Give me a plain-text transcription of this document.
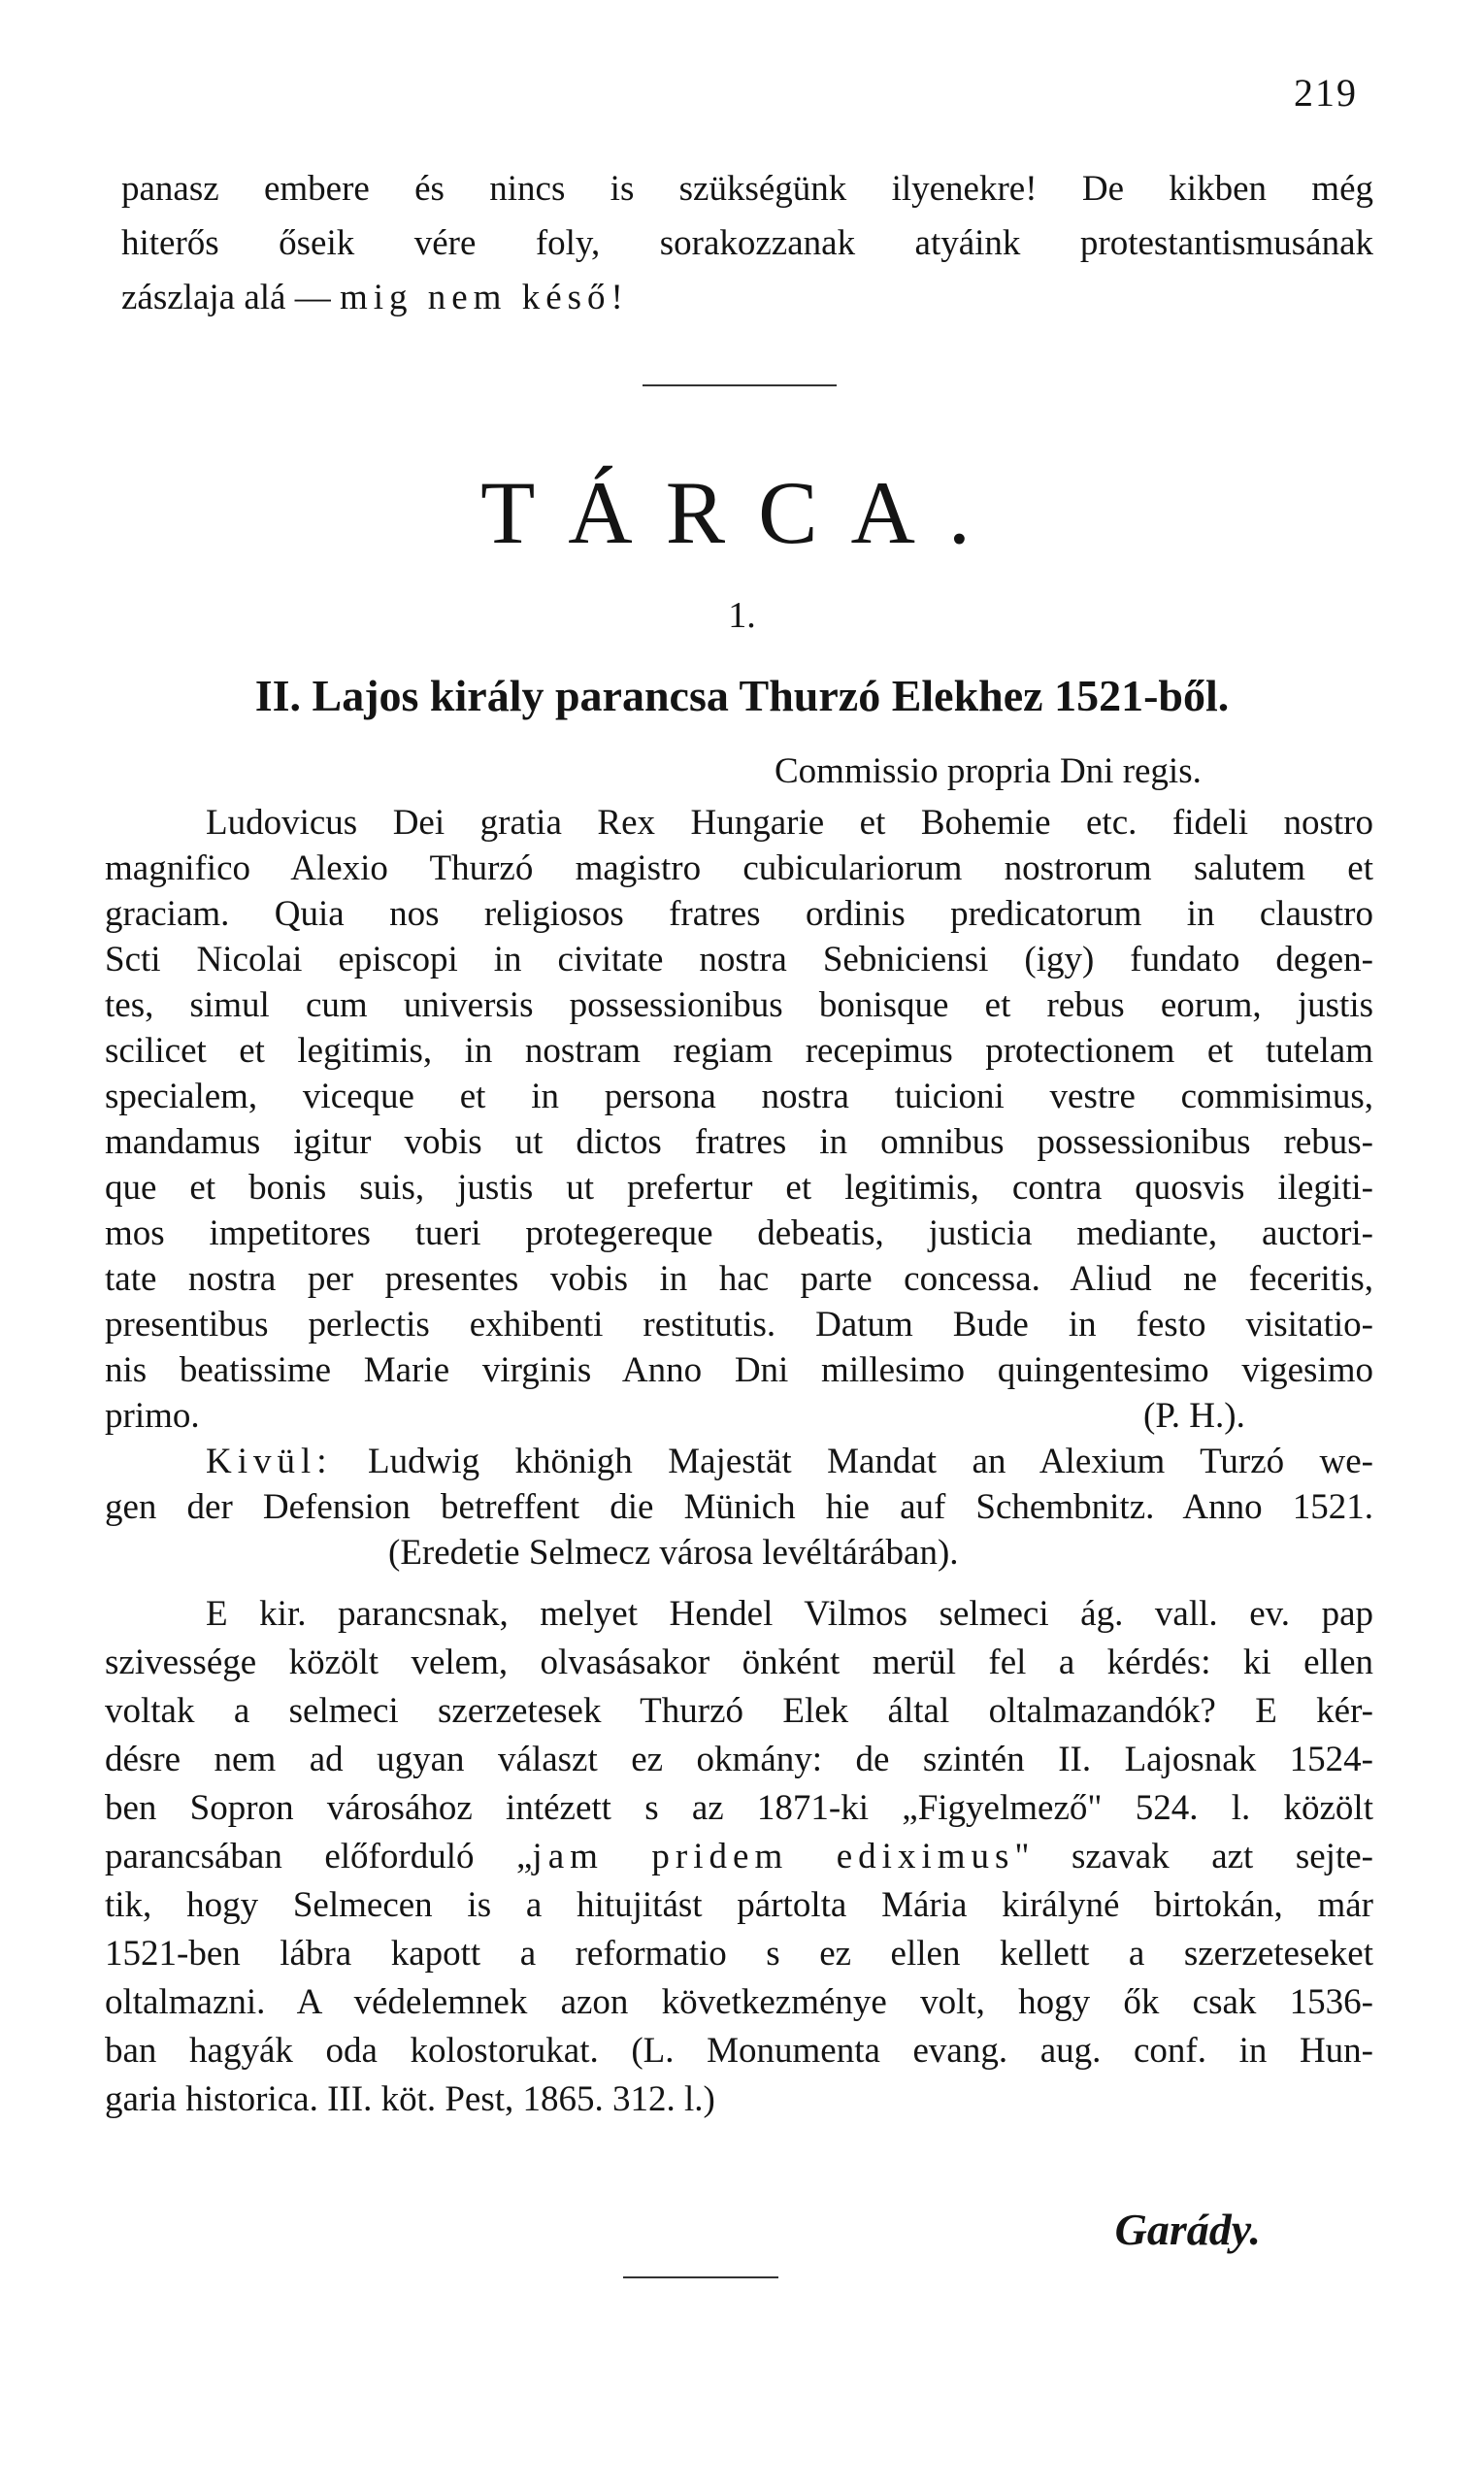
219
panasz embere és nincs is szükségünk ilyenekre! De kikben még
hiterős őseik vére foly, sorakozzanak atyáink protestantismusának
zászlaja alá — mig nem késő!
TÁRCA.
1.
II. Lajos király parancsa Thurzó Elekhez 1521-ből.
Commissio propria Dni regis.
Ludovicus Dei gratia Rex Hungarie et Bohemie etc. fideli nostro
magnifico Alexio Thurzó magistro cubiculariorum nostrorum salutem et
graciam. Quia nos religiosos fratres ordinis predicatorum in claustro
Scti Nicolai episcopi in civitate nostra Sebniciensi (igy) fundato degen-
tes, simul cum universis possessionibus bonisque et rebus eorum, justis
scilicet et legitimis, in nostram regiam recepimus protectionem et tutelam
specialem, viceque et in persona nostra tuicioni vestre commisimus,
mandamus igitur vobis ut dictos fratres in omnibus possessionibus rebus-
que et bonis suis, justis ut prefertur et legitimis, contra quosvis ilegiti-
mos impetitores tueri protegereque debeatis, justicia mediante, auctori-
tate nostra per presentes vobis in hac parte concessa. Aliud ne feceritis,
presentibus perlectis exhibenti restitutis. Datum Bude in festo visitatio-
nis beatissime Marie virginis Anno Dni millesimo quingentesimo vigesimo
primo.	(P. H.).
Kivül: Ludwig khönigh Majestät Mandat an Alexium Turzó we-
gen der Defension betreffent die Münich hie auf Schembnitz. Anno 1521.
(Eredetie Selmecz városa levéltárában).
E kir. parancsnak, melyet Hendel Vilmos selmeci ág. vall. ev. pap
szivessége közölt velem, olvasásakor önként merül fel a kérdés: ki ellen
voltak a selmeci szerzetesek Thurzó Elek által oltalmazandók? E kér-
désre nem ad ugyan választ ez okmány: de szintén II. Lajosnak 1524-
ben Sopron városához intézett s az 1871-ki „Figyelmező" 524. l. közölt
parancsában előforduló „jam pridem ediximus" szavak azt sejte-
tik, hogy Selmecen is a hitujitást pártolta Mária királyné birtokán, már
1521-ben lábra kapott a reformatio s ez ellen kellett a szerzeteseket
oltalmazni. A védelemnek azon következménye volt, hogy ők csak 1536-
ban hagyák oda kolostorukat. (L. Monumenta evang. aug. conf. in Hun-
garia historica. III. köt. Pest, 1865. 312. l.)
Garády.
